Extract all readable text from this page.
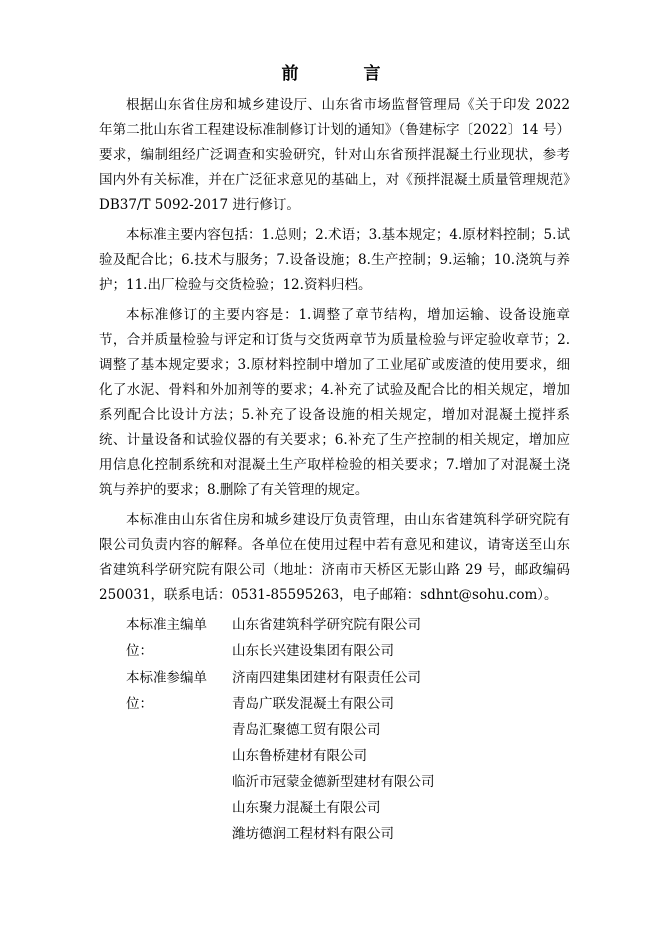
前　言

根据山东省住房和城乡建设厅、山东省市场监督管理局《关于印发 2022 年第二批山东省工程建设标准制修订计划的通知》（鲁建标字〔2022〕14 号）要求，编制组经广泛调查和实验研究，针对山东省预拌混凝土行业现状，参考国内外有关标准，并在广泛征求意见的基础上，对《预拌混凝土质量管理规范》DB37/T 5092-2017 进行修订。

本标准主要内容包括：1.总则；2.术语；3.基本规定；4.原材料控制；5.试验及配合比；6.技术与服务；7.设备设施；8.生产控制；9.运输；10.浇筑与养护；11.出厂检验与交货检验；12.资料归档。

本标准修订的主要内容是：1.调整了章节结构，增加运输、设备设施章节，合并质量检验与评定和订货与交货两章节为质量检验与评定验收章节；2.调整了基本规定要求；3.原材料控制中增加了工业尾矿或废渣的使用要求，细化了水泥、骨料和外加剂等的要求；4.补充了试验及配合比的相关规定，增加系列配合比设计方法；5.补充了设备设施的相关规定，增加对混凝土搅拌系统、计量设备和试验仪器的有关要求；6.补充了生产控制的相关规定，增加应用信息化控制系统和对混凝土生产取样检验的相关要求；7.增加了对混凝土浇筑与养护的要求；8.删除了有关管理的规定。

本标准由山东省住房和城乡建设厅负责管理，由山东省建筑科学研究院有限公司负责内容的解释。各单位在使用过程中若有意见和建议，请寄送至山东省建筑科学研究院有限公司（地址：济南市天桥区无影山路 29 号，邮政编码 250031，联系电话：0531-85595263，电子邮箱：sdhnt@sohu.com）。

本标准主编单位：
山东省建筑科学研究院有限公司
山东长兴建设集团有限公司
本标准参编单位：
济南四建集团建材有限责任公司
青岛广联发混凝土有限公司
青岛汇聚德工贸有限公司
山东鲁桥建材有限公司
临沂市冠蒙金德新型建材有限公司
山东聚力混凝土有限公司
潍坊德润工程材料有限公司
